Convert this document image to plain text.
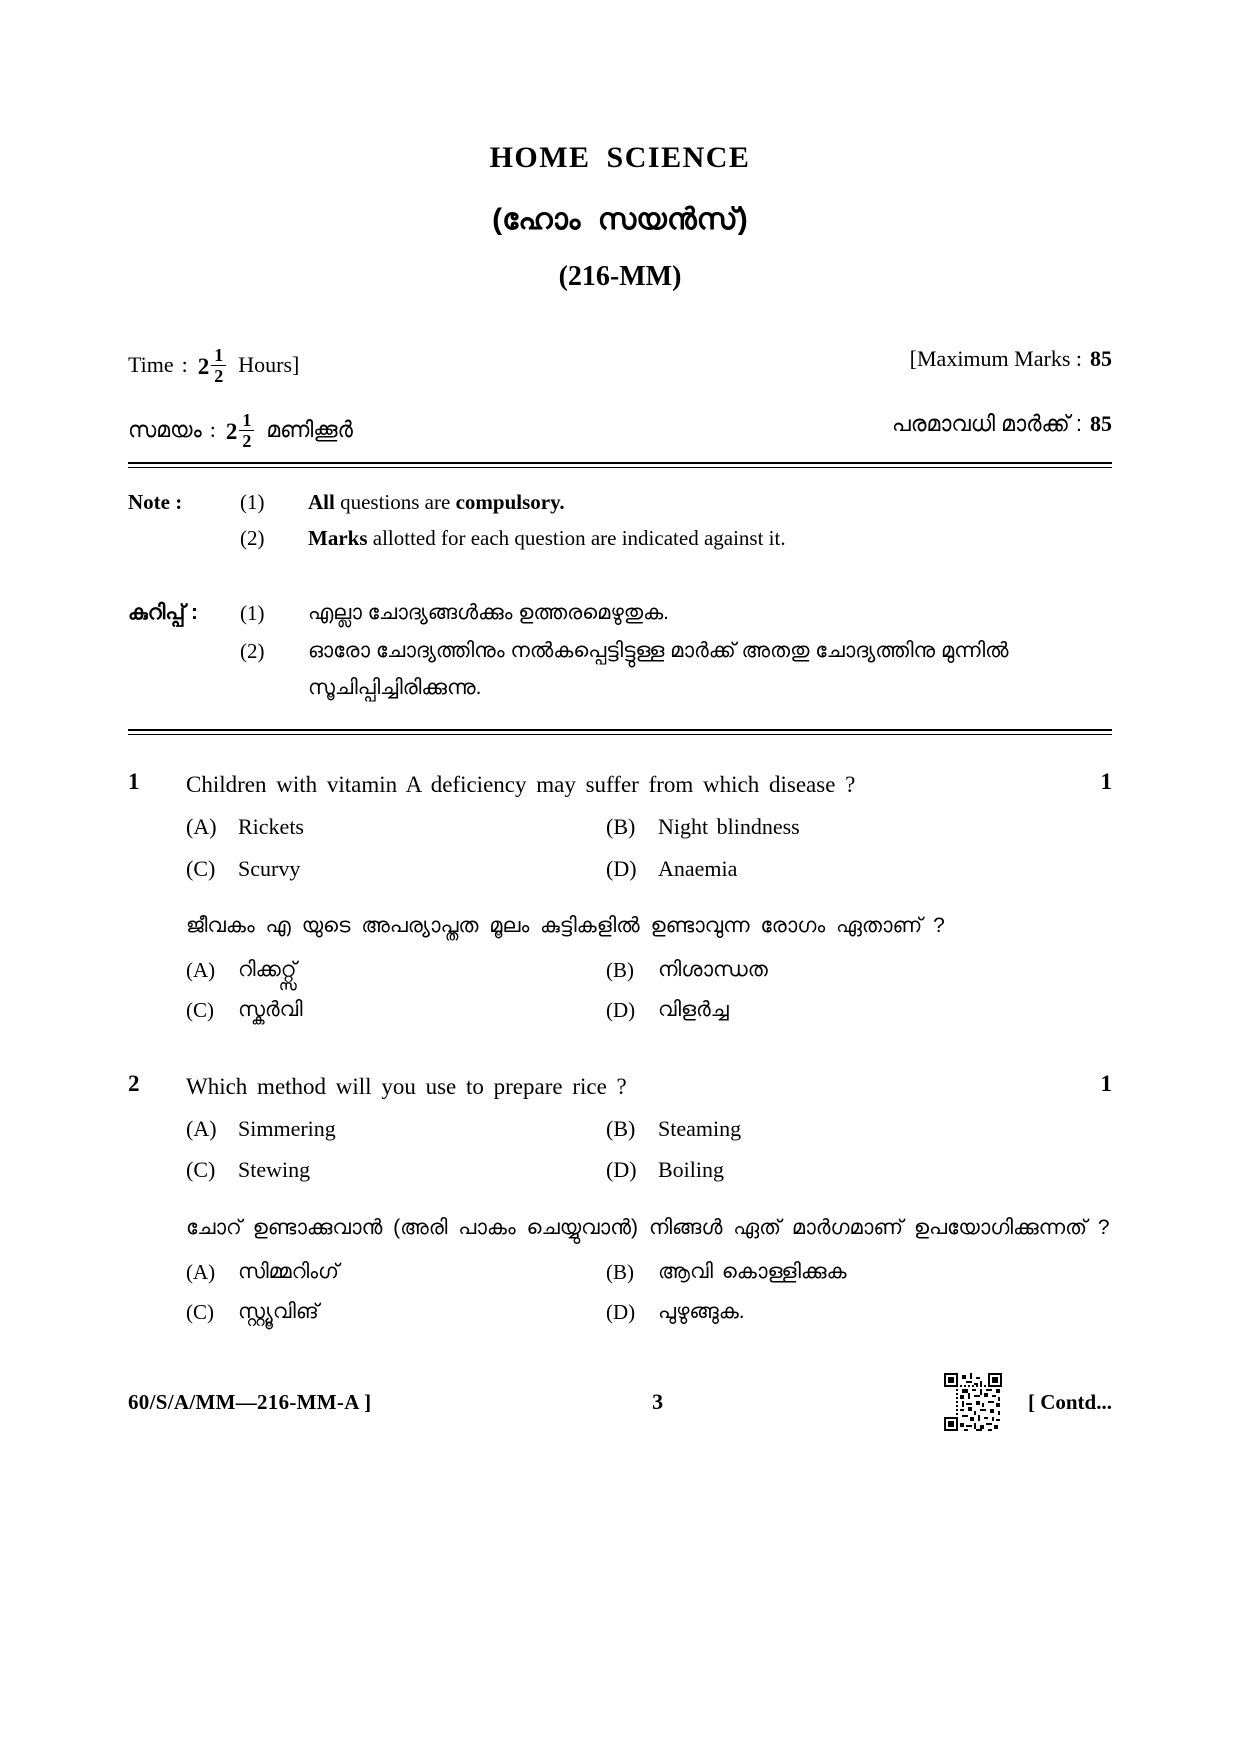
HOME SCIENCE
(ഹോം സയൻസ്)
(216-MM)
Time : $2 \frac{1}{2}$ Hours]	[Maximum Marks : 85
സമയം : $2 \frac{1}{2}$ മണിക്കൂർ	പരമാവധി മാർക്ക് : 85
Note :	(1)	All questions are compulsory.
(2)	Marks allotted for each question are indicated against it.
കുറിപ്പ് :	(1)	എല്ലാ ചോദ്യങ്ങൾക്കും ഉത്തരമെഴുതുക.
(2)	ഓരോ ചോദ്യത്തിനും നൽകപ്പെട്ടിട്ടുള്ള മാർക്ക് അതതു ചോദ്യത്തിനു മുന്നിൽ സൂചിപ്പിച്ചിരിക്കുന്നു.
1	Children with vitamin A deficiency may suffer from which disease ?	1
(A) Rickets	(B)	Night blindness
(C)	Scurvy	(D) Anaemia
ജീവകം എ യുടെ അപര്യാപ്തത മൂലം കുട്ടികളിൽ ഉണ്ടാവുന്ന രോഗം ഏതാണ് ?
(A)	റിക്കറ്റ്സ്	(B)	നിശാന്ധത
(C)	സ്കർവി	(D)	വിളർച്ച
2	Which method will you use to prepare rice ?	1
(A) Simmering	(B)	Steaming
(C)	Stewing	(D) Boiling
ചോറ് ഉണ്ടാക്കുവാൻ (അരി പാകം ചെയ്യുവാൻ) നിങ്ങൾ ഏത് മാർഗമാണ് ഉപയോഗിക്കുന്നത് ?
(A)	സിമ്മറിംഗ്	(B)	ആവി കൊള്ളിക്കുക
(C)	സ്റ്റ്യൂവിങ്	(D)	പുഴുങ്ങുക.
60/S/A/MM—216-MM-A ]	3	[ Contd...
